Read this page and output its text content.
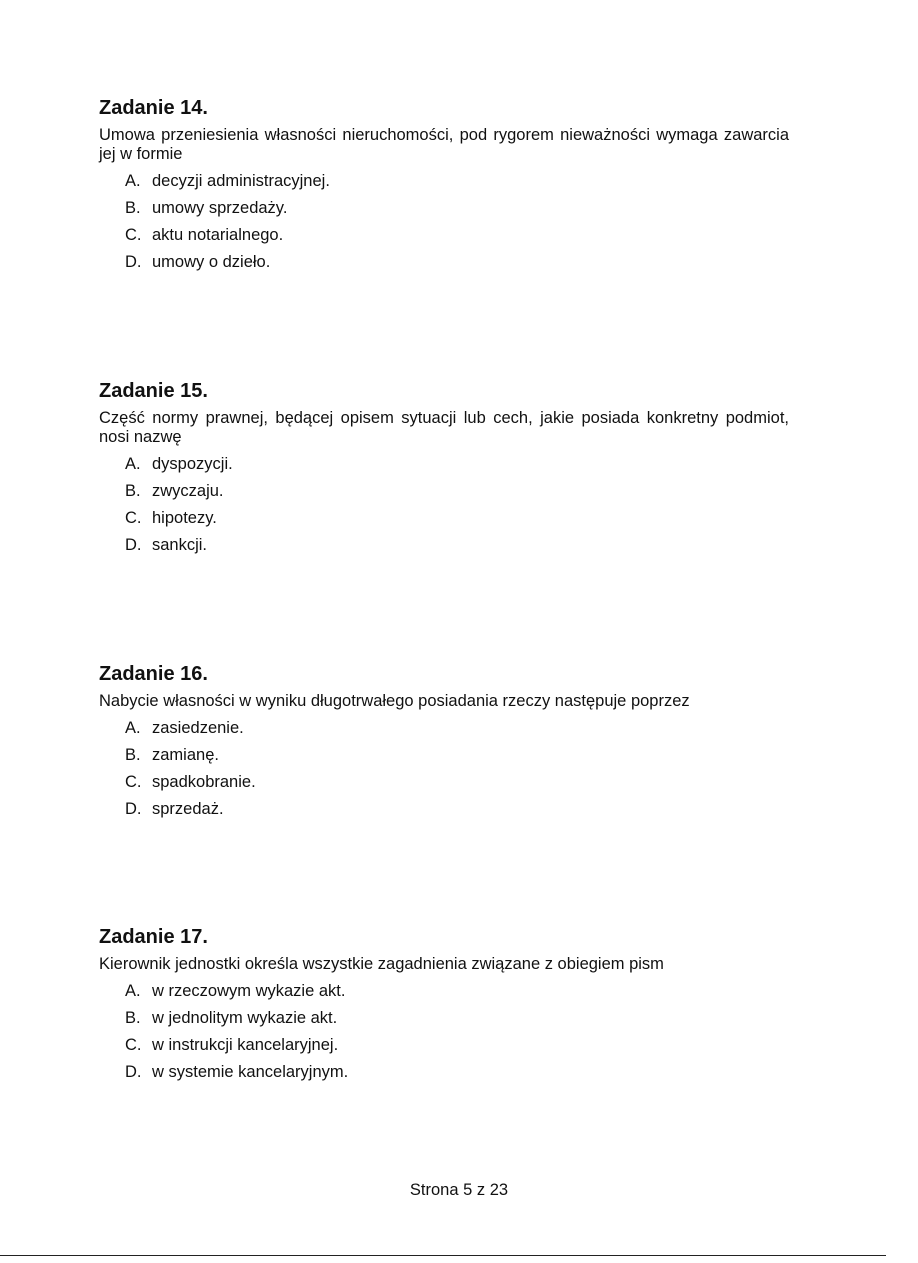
Zadanie 14.

Umowa przeniesienia własności nieruchomości, pod rygorem nieważności wymaga zawarcia jej w formie

A. decyzji administracyjnej.
B. umowy sprzedaży.
C. aktu notarialnego.
D. umowy o dzieło.
Zadanie 15.

Część normy prawnej, będącej opisem sytuacji lub cech, jakie posiada konkretny podmiot, nosi nazwę

A. dyspozycji.
B. zwyczaju.
C. hipotezy.
D. sankcji.
Zadanie 16.

Nabycie własności w wyniku długotrwałego posiadania rzeczy następuje poprzez

A. zasiedzenie.
B. zamianę.
C. spadkobranie.
D. sprzedaż.
Zadanie 17.

Kierownik jednostki określa wszystkie zagadnienia związane z obiegiem pism

A. w rzeczowym wykazie akt.
B. w jednolitym wykazie akt.
C. w instrukcji kancelaryjnej.
D. w systemie kancelaryjnym.
Strona 5 z 23
